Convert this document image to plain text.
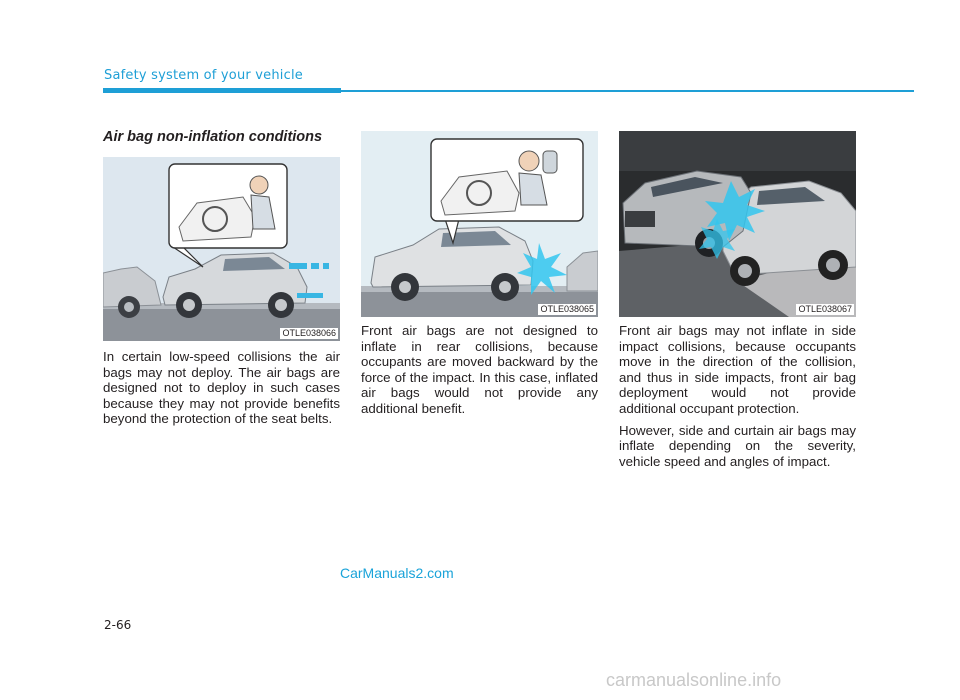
Safety system of your vehicle
Air bag non-inflation conditions
OTLE038066
OTLE038065	OTLE038067

In certain low-speed collisions the air bags may not deploy. The air bags are designed not to deploy in such cases because they may not provide benefits beyond the protection of the seat belts.

Front air bags are not designed to inflate in rear collisions, because occupants are moved backward by the force of the impact. In this case, inflated air bags would not provide any additional benefit.

Front air bags may not inflate in side impact collisions, because occupants move in the direction of the collision, and thus in side impacts, front air bag deployment would not provide additional occupant protection.

However, side and curtain air bags may inflate depending on the severity, vehicle speed and angles of impact.

CarManuals2.com
2-66
carmanualsonline.info
